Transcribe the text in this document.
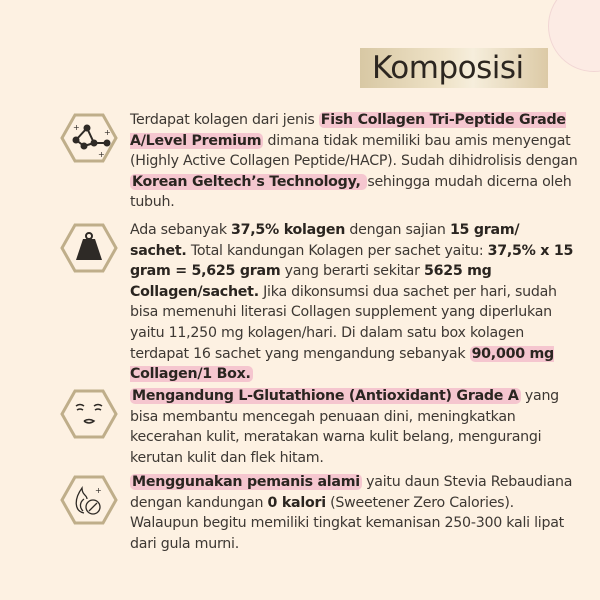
Komposisi
+
+
+
Terdapat kolagen dari jenis Fish Collagen Tri-Peptide Grade A/Level Premium dimana tidak memiliki bau amis menyengat (Highly Active Collagen Peptide/HACP). Sudah dihidrolisis dengan Korean Geltech’s Technology, sehingga mudah dicerna oleh tubuh.
Ada sebanyak 37,5% kolagen dengan sajian 15 gram/ sachet. Total kandungan Kolagen per sachet yaitu: 37,5% x 15 gram = 5,625 gram yang berarti sekitar 5625 mg Collagen/sachet. Jika dikonsumsi dua sachet per hari, sudah bisa memenuhi literasi Collagen supplement yang diperlukan yaitu 11,250 mg kolagen/hari. Di dalam satu box kolagen terdapat 16 sachet yang mengandung sebanyak 90,000 mg Collagen/1 Box.
Mengandung L-Glutathione (Antioxidant) Grade A yang bisa membantu mencegah penuaan dini, meningkatkan kecerahan kulit, meratakan warna kulit belang, mengurangi kerutan kulit dan flek hitam.
+
Menggunakan pemanis alami yaitu daun Stevia Rebaudiana dengan kandungan 0 kalori (Sweetener Zero Calories). Walaupun begitu memiliki tingkat kemanisan 250-300 kali lipat dari gula murni.
